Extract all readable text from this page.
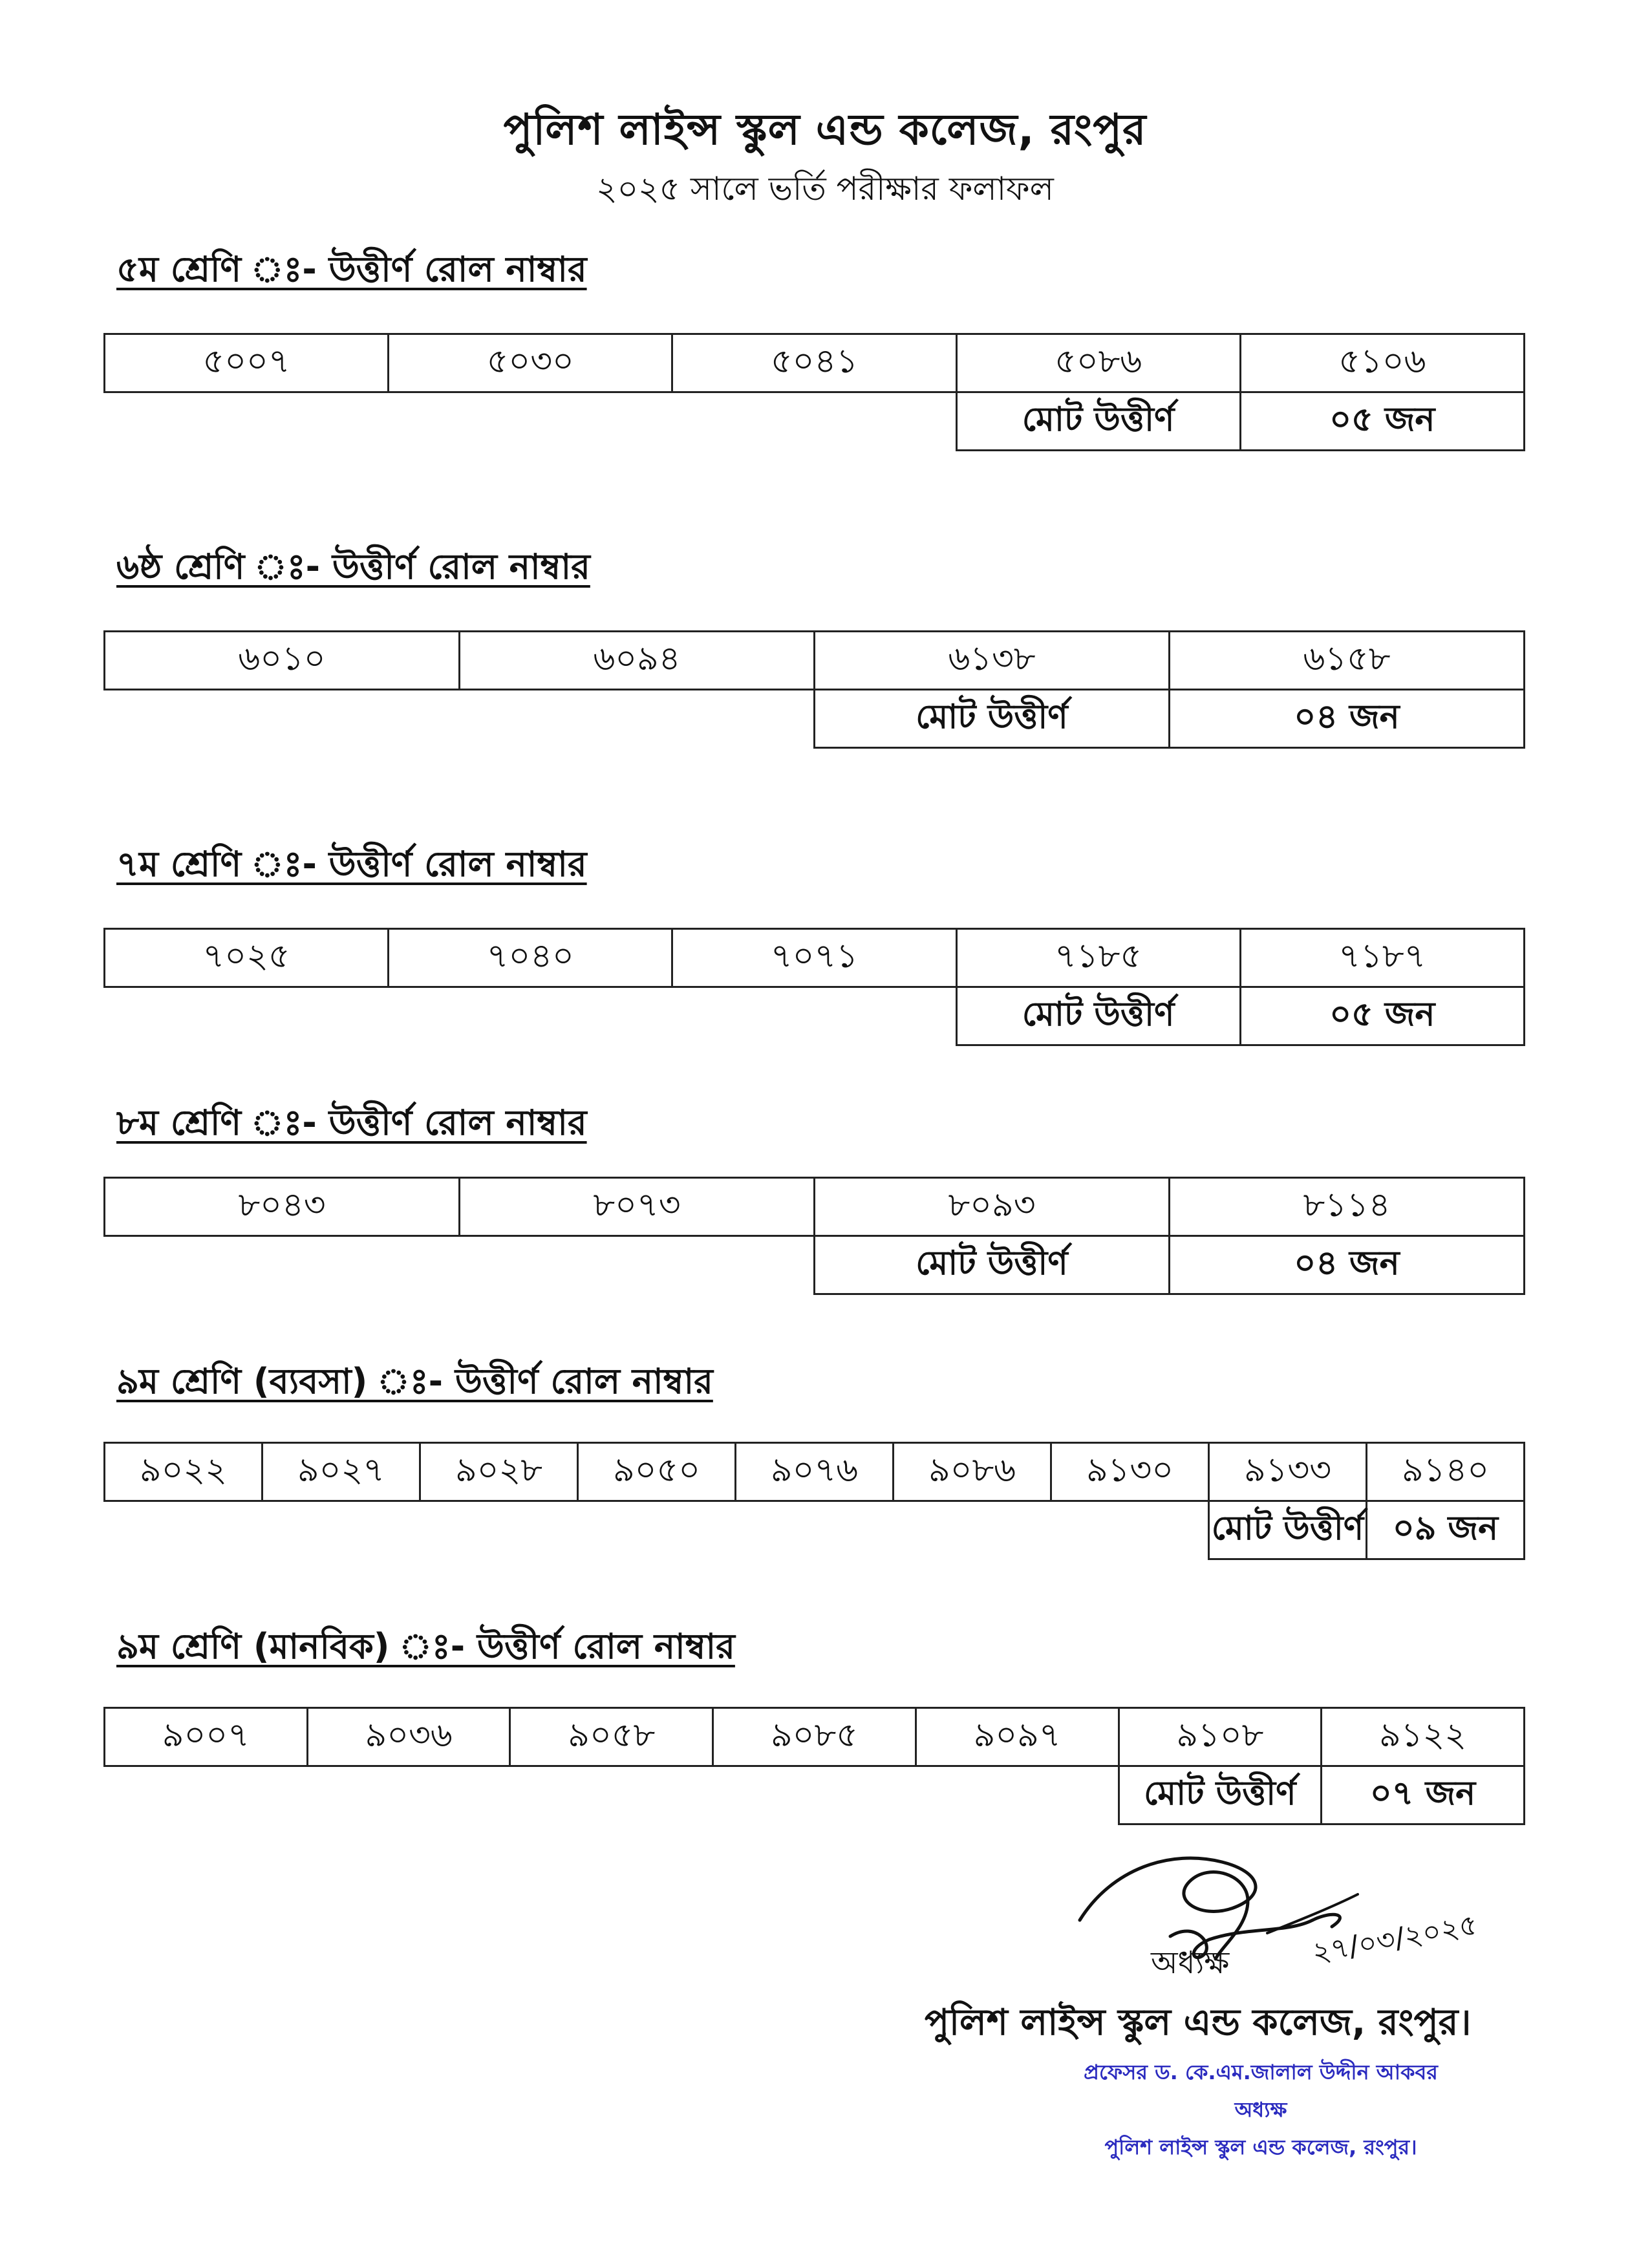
পুলিশ লাইন্স স্কুল এন্ড কলেজ, রংপুর
২০২৫ সালে ভর্তি পরীক্ষার ফলাফল
৫ম শ্রেণি ঃ- উত্তীর্ণ রোল নাম্বার
৫০০৭	৫০৩০	৫০৪১	৫০৮৬	৫১০৬
			মোট উত্তীর্ণ	০৫ জন
৬ষ্ঠ শ্রেণি ঃ- উত্তীর্ণ রোল নাম্বার
৬০১০	৬০৯৪	৬১৩৮	৬১৫৮
		মোট উত্তীর্ণ	০৪ জন
৭ম শ্রেণি ঃ- উত্তীর্ণ রোল নাম্বার
৭০২৫	৭০৪০	৭০৭১	৭১৮৫	৭১৮৭
			মোট উত্তীর্ণ	০৫ জন
৮ম শ্রেণি ঃ- উত্তীর্ণ রোল নাম্বার
৮০৪৩	৮০৭৩	৮০৯৩	৮১১৪
		মোট উত্তীর্ণ	০৪ জন
৯ম শ্রেণি (ব্যবসা) ঃ- উত্তীর্ণ রোল নাম্বার
৯০২২	৯০২৭	৯০২৮	৯০৫০	৯০৭৬	৯০৮৬	৯১৩০	৯১৩৩	৯১৪০
							মোট উত্তীর্ণ	০৯ জন
৯ম শ্রেণি (মানবিক) ঃ- উত্তীর্ণ রোল নাম্বার
৯০০৭	৯০৩৬	৯০৫৮	৯০৮৫	৯০৯৭	৯১০৮	৯১২২
					মোট উত্তীর্ণ	০৭ জন
২৭/০৩/২০২৫
অধ্যক্ষ
পুলিশ লাইন্স স্কুল এন্ড কলেজ, রংপুর।
প্রফেসর ড. কে.এম.জালাল উদ্দীন আকবর
অধ্যক্ষ
পুলিশ লাইন্স স্কুল এন্ড কলেজ, রংপুর।
